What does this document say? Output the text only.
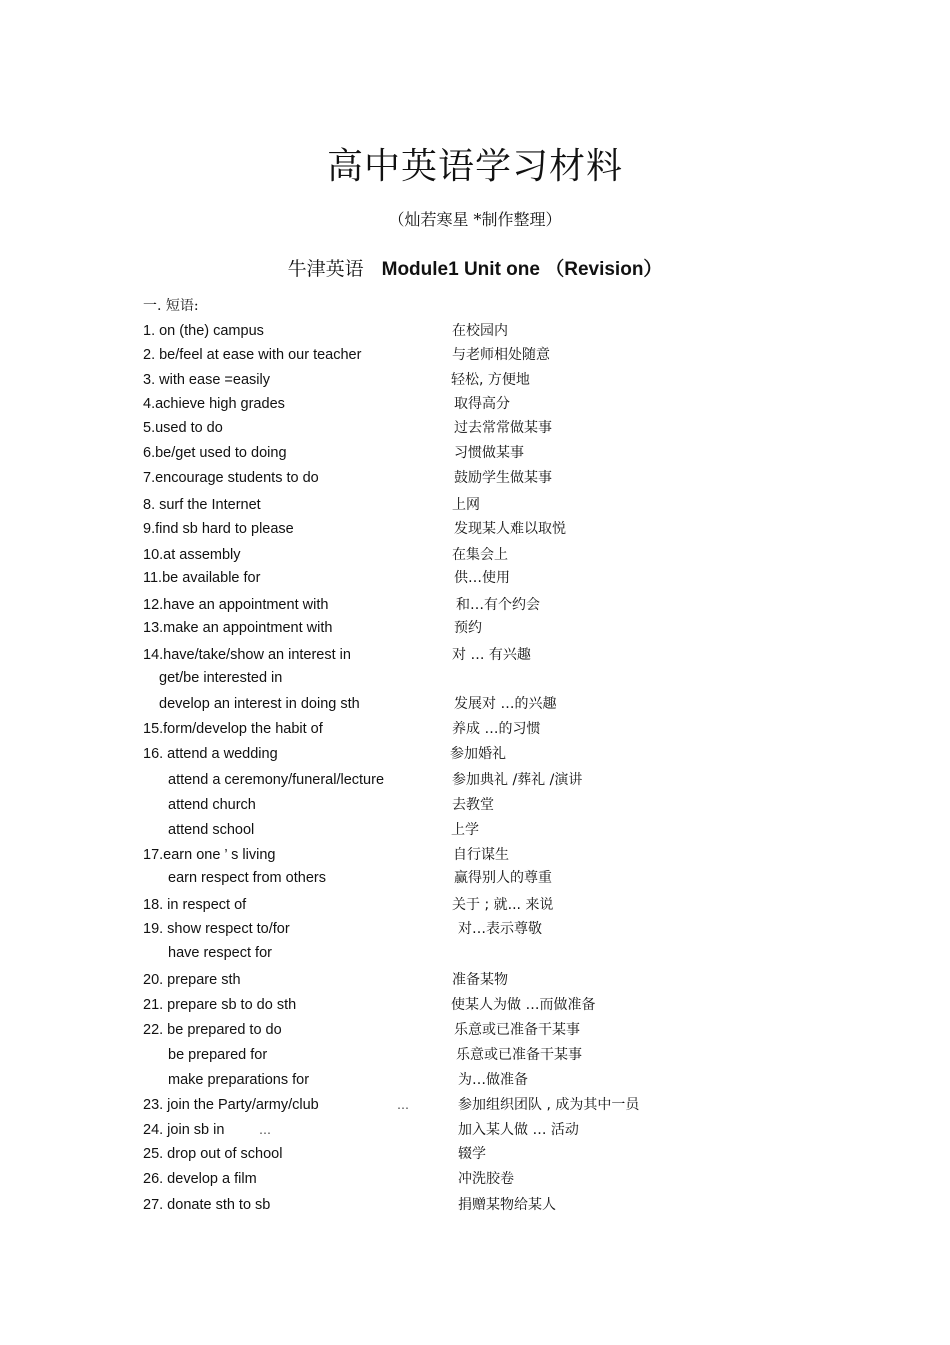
高中英语学习材料
（灿若寒星 *制作整理）
牛津英语 Module1 Unit one （Revision）
一. 短语:
1. on (the) campus	在校园内
2. be/feel at ease with our teacher	与老师相处随意
3. with ease =easily	轻松, 方便地
4.achieve high grades	取得高分
5.used to do	过去常常做某事
6.be/get used to doing	习惯做某事
7.encourage students to do	鼓励学生做某事
8. surf the Internet	上网
9.find sb hard to please	发现某人难以取悦
10.at assembly	在集会上
11.be available for	供…使用
12.have an appointment with	和…有个约会
13.make an appointment with	预约
14.have/take/show an interest in	对 … 有兴趣
get/be interested in
develop an interest in doing sth	发展对 …的兴趣
15.form/develop the habit of	养成 …的习惯
16. attend a wedding	参加婚礼
attend a ceremony/funeral/lecture	参加典礼 /葬礼 /演讲
attend church	去教堂
attend school	上学
17.earn one ’ s living	自行谋生
earn respect from others	赢得别人的尊重
18. in respect of	关于 ; 就... 来说
19. show respect to/for	对…表示尊敬
have respect for
20. prepare sth	准备某物
21. prepare sb to do sth	使某人为做 …而做准备
22. be prepared to do	乐意或已准备干某事
be prepared for	乐意或已准备干某事
make preparations for	为…做准备
23. join the Party/army/club	参加组织团队 , 成为其中一员
…
24. join sb in	加入某人做 … 活动
…
25. drop out of school	辍学
26. develop a film	冲洗胶卷
27. donate sth to sb	捐赠某物给某人
